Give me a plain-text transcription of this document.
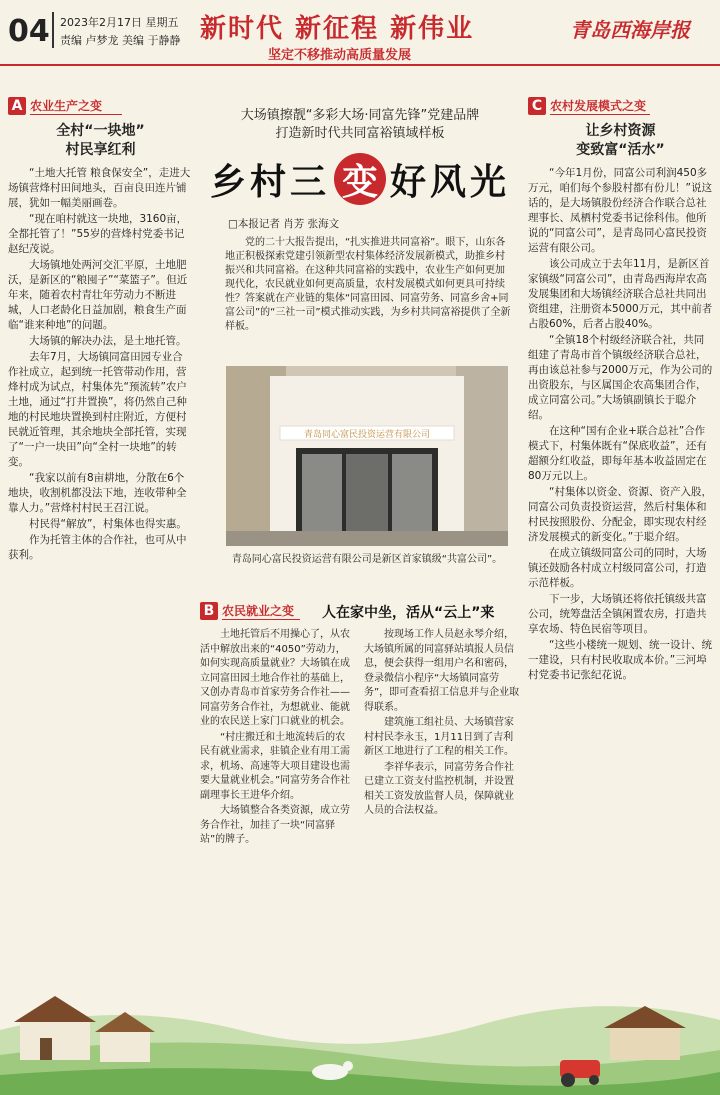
04 2023年2月17日 星期五
责编 卢梦龙 美编 于静静 新时代 新征程 新伟业
坚定不移推动高质量发展
青岛西海岸报
A 农业生产之变
全村“一块地”
村民享红利

“土地大托管 粮食保安全”，走进大场镇营烽村田间地头，百亩良田连片铺展，犹如一幅美丽画卷。

“现在咱村就这一块地，3160亩，全都托管了！”55岁的营烽村党委书记赵纪茂说。

大场镇地处两河交汇平原，土地肥沃，是新区的“粮囤子”“菜篮子”。但近年来，随着农村青壮年劳动力不断进城，人口老龄化日益加剧，粮食生产面临“谁来种地”的问题。

大场镇的解决办法，是土地托管。

去年7月，大场镇同富田园专业合作社成立，起到统一托管带动作用，营烽村成为试点，村集体先“预流转”农户土地，通过“打井置换”，将仍然自己种地的村民地块置换到村庄附近，方便村民就近管理，其余地块全部托管，实现了“一户一块田”向“全村一块地”的转变。

“我家以前有8亩耕地，分散在6个地块，收割机都没法下地，连收带种全靠人力。”营烽村村民王召江说。

村民得“解放”，村集体也得实惠。

作为托管主体的合作社，也可从中获利。

大场镇擦靓“多彩大场·同富先锋”党建品牌
打造新时代共同富裕镇域样板
乡村三 变 好风光
□本报记者 肖芳 张海文

党的二十大报告提出，“扎实推进共同富裕”。眼下，山东各地正积极探索党建引领新型农村集体经济发展新模式，助推乡村振兴和共同富裕。在这种共同富裕的实践中，农业生产如何更加现代化，农民就业如何更高质量，农村发展模式如何更具可持续性？答案就在产业链的集体“同富田园、同富劳务、同富乡舍+同富公司”的“三社一司”模式推动实践，为乡村共同富裕提供了全新样板。

青岛同心富民投资运营有限公司
青岛同心富民投资运营有限公司是新区首家镇级“共富公司”。
B 农民就业之变	人在家中坐，活从“云上”来

土地托管后不用操心了，从农活中解放出来的“4050”劳动力，如何实现高质量就业？大场镇在成立同富田园土地合作社的基础上，又创办青岛市首家劳务合作社——同富劳务合作社，为想就业、能就业的农民送上家门口就业的机会。

“村庄搬迁和土地流转后的农民有就业需求，驻镇企业有用工需求，机场、高速等大项目建设也需要大量就业机会。”同富劳务合作社副理事长王进华介绍。

大场镇整合各类资源，成立劳务合作社，加挂了一块“同富驿站”的牌子。

按现场工作人员赵永琴介绍，大场镇所属的同富驿站填报人员信息，便会获得一组用户名和密码，登录微信小程序“大场镇同富劳务”，即可查看招工信息并与企业取得联系。

建筑施工组社员、大场镇营家村村民李永玉，1月11日到了吉利新区工地进行了工程的相关工作。

李祥华表示，同富劳务合作社已建立工资支付监控机制，并设置相关工资发放监督人员，保障就业人员的合法权益。

C 农村发展模式之变
让乡村资源
变致富“活水”

“今年1月份，同富公司利润450多万元，咱们每个参股村都有份儿！”说这话的，是大场镇股份经济合作联合总社理事长、凤栖村党委书记徐科伟。他所说的“同富公司”，是青岛同心富民投资运营有限公司。

该公司成立于去年11月，是新区首家镇级“同富公司”，由青岛西海岸农高发展集团和大场镇经济联合总社共同出资组建，注册资本5000万元，其中前者占股60%，后者占股40%。

“全镇18个村级经济联合社，共同组建了青岛市首个镇级经济联合总社，再由该总社参与2000万元，作为公司的出资股东，与区属国企农高集团合作，成立同富公司。”大场镇副镇长于聪介绍。

在这种“国有企业+联合总社”合作模式下，村集体既有“保底收益”，还有超额分红收益，即每年基本收益固定在80万元以上。

“村集体以资金、资源、资产入股，同富公司负责投资运营，然后村集体和村民按照股份、分配金，即实现农村经济发展模式的新变化。”于聪介绍。

在成立镇级同富公司的同时，大场镇还鼓励各村成立村级同富公司，打造示范样板。

下一步，大场镇还将依托镇级共富公司，统筹盘活全镇闲置农房，打造共享农场、特色民宿等项目。

“这些小楼统一规划、统一设计、统一建设，只有村民收取成本价。”三河埠村党委书记张纪花说。
